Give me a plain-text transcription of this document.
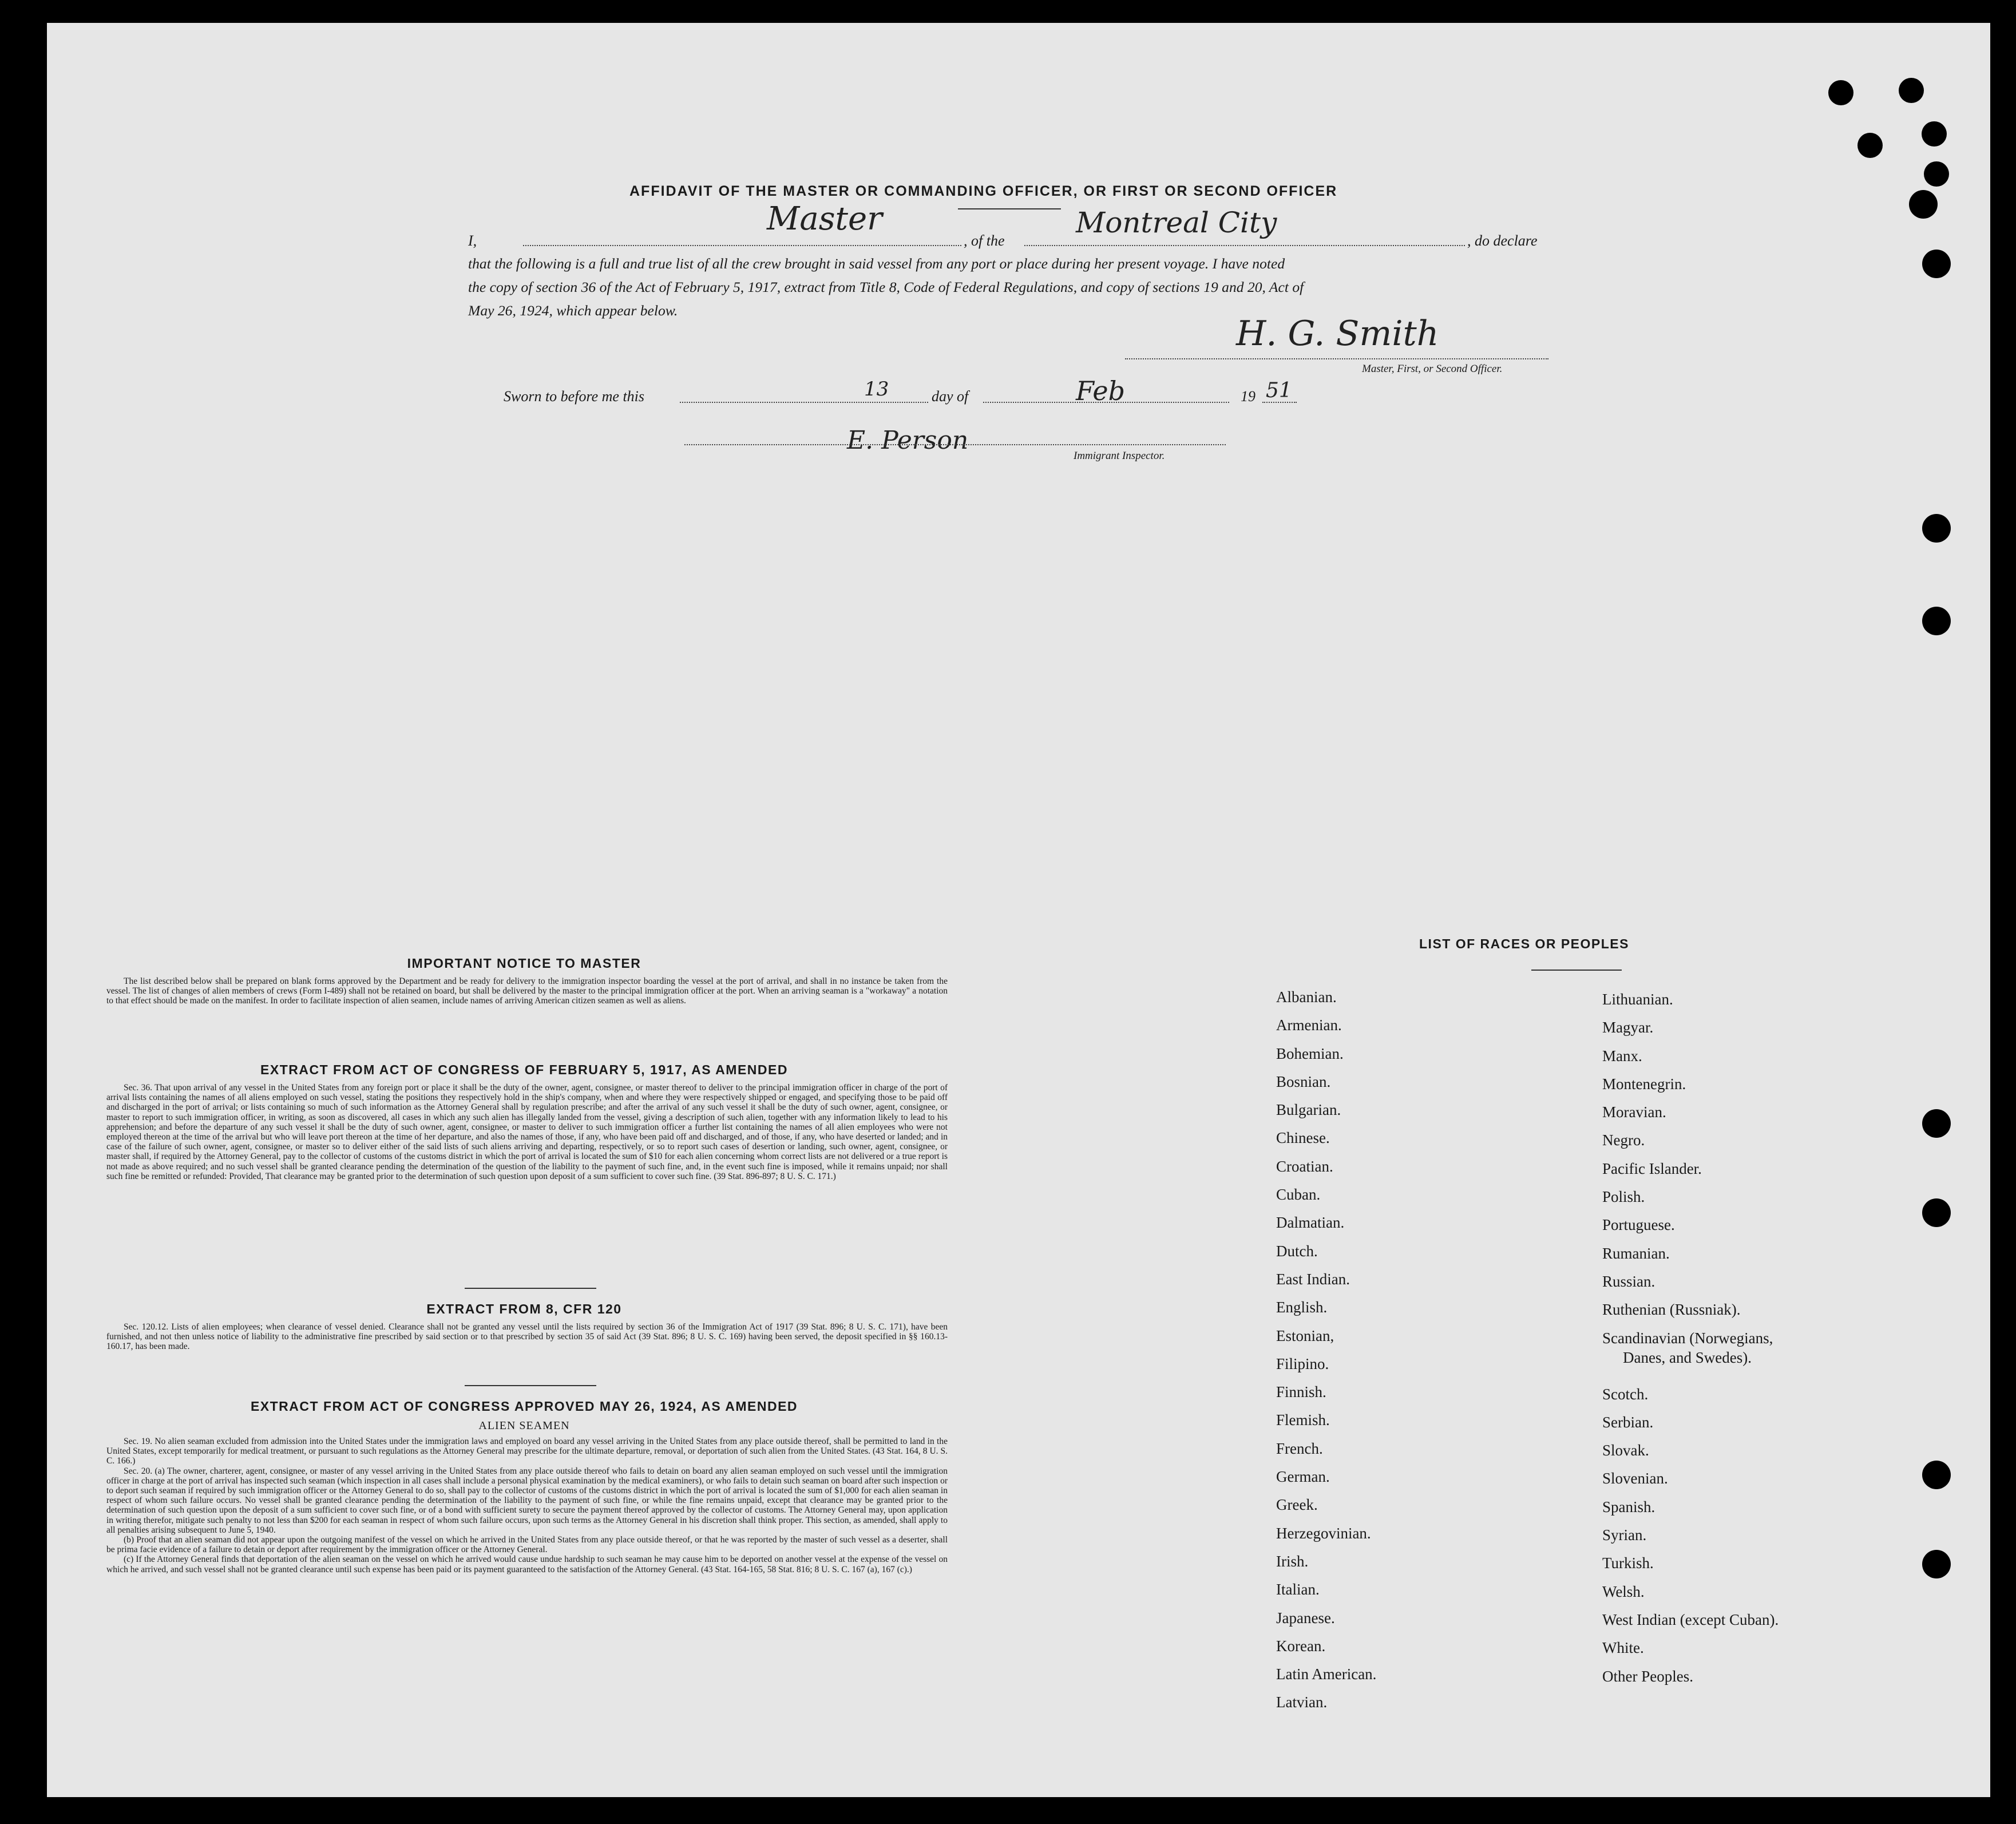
AFFIDAVIT OF THE MASTER OR COMMANDING OFFICER, OR FIRST OR SECOND OFFICER
I,
Master
, of the
Montreal City
, do declare
that the following is a full and true list of all the crew brought in said vessel from any port or place during her present voyage. I have noted
the copy of section 36 of the Act of February 5, 1917, extract from Title 8, Code of Federal Regulations, and copy of sections 19 and 20, Act of
May 26, 1924, which appear below.
H. G. Smith
Master, First, or Second Officer.
Sworn to before me this	13	day of	Feb	19 51
E. Person
Immigrant Inspector.
IMPORTANT NOTICE TO MASTER

The list described below shall be prepared on blank forms approved by the Department and be ready for delivery to the immigration inspector boarding the vessel at the port of arrival, and shall in no instance be taken from the vessel. The list of changes of alien members of crews (Form I-489) shall not be retained on board, but shall be delivered by the master to the principal immigration officer at the port. When an arriving seaman is a "workaway" a notation to that effect should be made on the manifest. In order to facilitate inspection of alien seamen, include names of arriving American citizen seamen as well as aliens.

EXTRACT FROM ACT OF CONGRESS OF FEBRUARY 5, 1917, AS AMENDED

Sec. 36. That upon arrival of any vessel in the United States from any foreign port or place it shall be the duty of the owner, agent, consignee, or master thereof to deliver to the principal immigration officer in charge of the port of arrival lists containing the names of all aliens employed on such vessel, stating the positions they respectively hold in the ship's company, when and where they were respectively shipped or engaged, and specifying those to be paid off and discharged in the port of arrival; or lists containing so much of such information as the Attorney General shall by regulation prescribe; and after the arrival of any such vessel it shall be the duty of such owner, agent, consignee, or master to report to such immigration officer, in writing, as soon as discovered, all cases in which any such alien has illegally landed from the vessel, giving a description of such alien, together with any information likely to lead to his apprehension; and before the departure of any such vessel it shall be the duty of such owner, agent, consignee, or master to deliver to such immigration officer a further list containing the names of all alien employees who were not employed thereon at the time of the arrival but who will leave port thereon at the time of her departure, and also the names of those, if any, who have been paid off and discharged, and of those, if any, who have deserted or landed; and in case of the failure of such owner, agent, consignee, or master so to deliver either of the said lists of such aliens arriving and departing, respectively, or so to report such cases of desertion or landing, such owner, agent, consignee, or master shall, if required by the Attorney General, pay to the collector of customs of the customs district in which the port of arrival is located the sum of $10 for each alien concerning whom correct lists are not delivered or a true report is not made as above required; and no such vessel shall be granted clearance pending the determination of the question of the liability to the payment of such fine, and, in the event such fine is imposed, while it remains unpaid; nor shall such fine be remitted or refunded: Provided, That clearance may be granted prior to the determination of such question upon deposit of a sum sufficient to cover such fine. (39 Stat. 896-897; 8 U. S. C. 171.)

EXTRACT FROM 8, CFR 120

Sec. 120.12. Lists of alien employees; when clearance of vessel denied. Clearance shall not be granted any vessel until the lists required by section 36 of the Immigration Act of 1917 (39 Stat. 896; 8 U. S. C. 171), have been furnished, and not then unless notice of liability to the administrative fine prescribed by said section or to that prescribed by section 35 of said Act (39 Stat. 896; 8 U. S. C. 169) having been served, the deposit specified in §§ 160.13-160.17, has been made.

EXTRACT FROM ACT OF CONGRESS APPROVED MAY 26, 1924, AS AMENDED
ALIEN SEAMEN

Sec. 19. No alien seaman excluded from admission into the United States under the immigration laws and employed on board any vessel arriving in the United States from any place outside thereof, shall be permitted to land in the United States, except temporarily for medical treatment, or pursuant to such regulations as the Attorney General may prescribe for the ultimate departure, removal, or deportation of such alien from the United States. (43 Stat. 164, 8 U. S. C. 166.)

Sec. 20. (a) The owner, charterer, agent, consignee, or master of any vessel arriving in the United States from any place outside thereof who fails to detain on board any alien seaman employed on such vessel until the immigration officer in charge at the port of arrival has inspected such seaman (which inspection in all cases shall include a personal physical examination by the medical examiners), or who fails to detain such seaman on board after such inspection or to deport such seaman if required by such immigration officer or the Attorney General to do so, shall pay to the collector of customs of the customs district in which the port of arrival is located the sum of $1,000 for each alien seaman in respect of whom such failure occurs. No vessel shall be granted clearance pending the determination of the liability to the payment of such fine, or while the fine remains unpaid, except that clearance may be granted prior to the determination of such question upon the deposit of a sum sufficient to cover such fine, or of a bond with sufficient surety to secure the payment thereof approved by the collector of customs. The Attorney General may, upon application in writing therefor, mitigate such penalty to not less than $200 for each seaman in respect of whom such failure occurs, upon such terms as the Attorney General in his discretion shall think proper. This section, as amended, shall apply to all penalties arising subsequent to June 5, 1940.

(b) Proof that an alien seaman did not appear upon the outgoing manifest of the vessel on which he arrived in the United States from any place outside thereof, or that he was reported by the master of such vessel as a deserter, shall be prima facie evidence of a failure to detain or deport after requirement by the immigration officer or the Attorney General.

(c) If the Attorney General finds that deportation of the alien seaman on the vessel on which he arrived would cause undue hardship to such seaman he may cause him to be deported on another vessel at the expense of the vessel on which he arrived, and such vessel shall not be granted clearance until such expense has been paid or its payment guaranteed to the satisfaction of the Attorney General. (43 Stat. 164-165, 58 Stat. 816; 8 U. S. C. 167 (a), 167 (c).)

LIST OF RACES OR PEOPLES
Albanian.
Armenian.
Bohemian.
Bosnian.
Bulgarian.
Chinese.
Croatian.
Cuban.
Dalmatian.
Dutch.
East Indian.
English.
Estonian,
Filipino.
Finnish.
Flemish.
French.
German.
Greek.
Herzegovinian.
Irish.
Italian.
Japanese.
Korean.
Latin American.
Latvian.
Lithuanian.
Magyar.
Manx.
Montenegrin.
Moravian.
Negro.
Pacific Islander.
Polish.
Portuguese.
Rumanian.
Russian.
Ruthenian (Russniak).
Scandinavian (Norwegians,
Danes, and Swedes).
Scotch.
Serbian.
Slovak.
Slovenian.
Spanish.
Syrian.
Turkish.
Welsh.
West Indian (except Cuban).
White.
Other Peoples.
